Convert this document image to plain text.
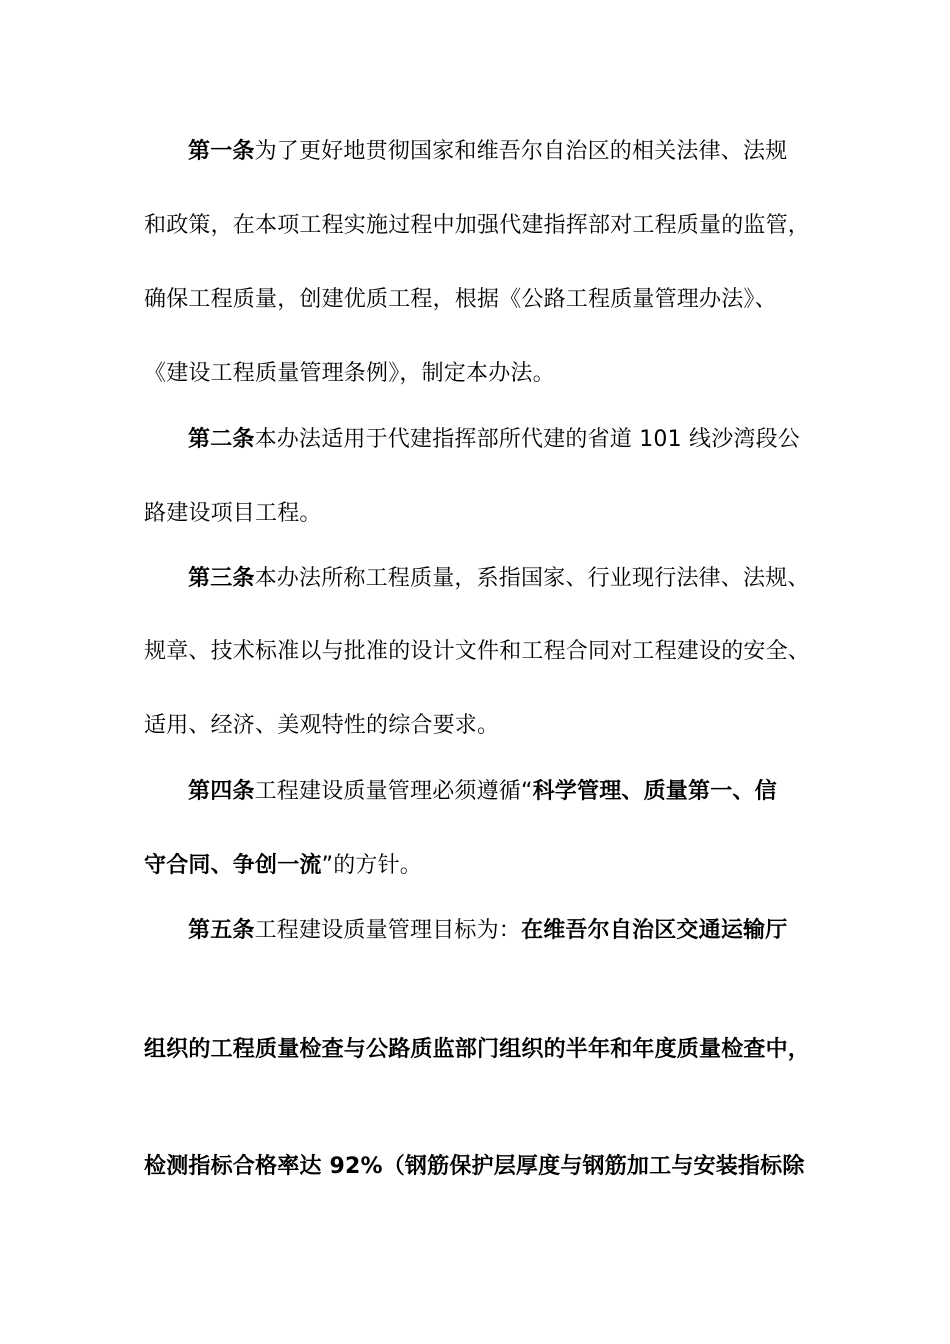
第一条为了更好地贯彻国家和维吾尔自治区的相关法律、法规
和政策，在本项工程实施过程中加强代建指挥部对工程质量的监管，
确保工程质量，创建优质工程，根据《公路工程质量管理办法》、
《建设工程质量管理条例》，制定本办法。
第二条本办法适用于代建指挥部所代建的省道 101 线沙湾段公
路建设项目工程。
第三条本办法所称工程质量，系指国家、行业现行法律、法规、
规章、技术标准以与批准的设计文件和工程合同对工程建设的安全、
适用、经济、美观特性的综合要求。
第四条工程建设质量管理必须遵循“科学管理、质量第一、信
守合同、争创一流”的方针。
第五条工程建设质量管理目标为：在维吾尔自治区交通运输厅
组织的工程质量检查与公路质监部门组织的半年和年度质量检查中，
检测指标合格率达 92%（钢筋保护层厚度与钢筋加工与安装指标除
